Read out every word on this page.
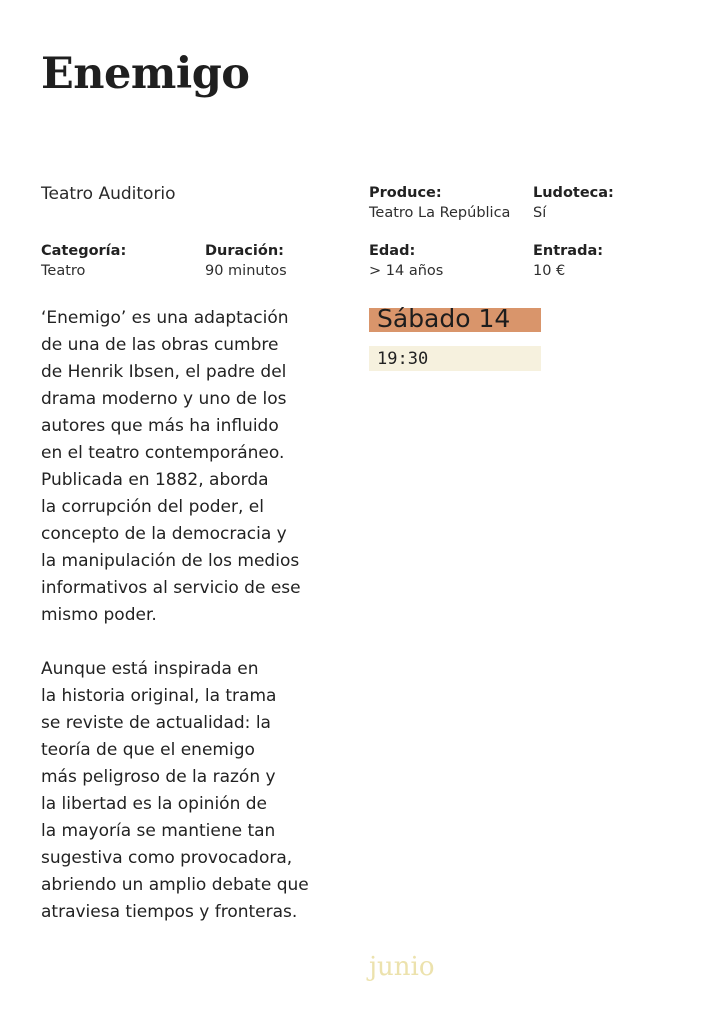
Enemigo
Teatro Auditorio
Categoría:
Teatro
Duración:
90 minutos
Produce:
Teatro La República
Ludoteca:
Sí
Edad:
> 14 años
Entrada:
10 €

‘Enemigo’ es una adaptación
de una de las obras cumbre
de Henrik Ibsen, el padre del
drama moderno y uno de los
autores que más ha influido
en el teatro contemporáneo.
Publicada en 1882, aborda
la corrupción del poder, el
concepto de la democracia y
la manipulación de los medios
informativos al servicio de ese
mismo poder.

Aunque está inspirada en
la historia original, la trama
se reviste de actualidad: la
teoría de que el enemigo
más peligroso de la razón y
la libertad es la opinión de
la mayoría se mantiene tan
sugestiva como provocadora,
abriendo un amplio debate que
atraviesa tiempos y fronteras.

Sábado 14
19:30
junio
